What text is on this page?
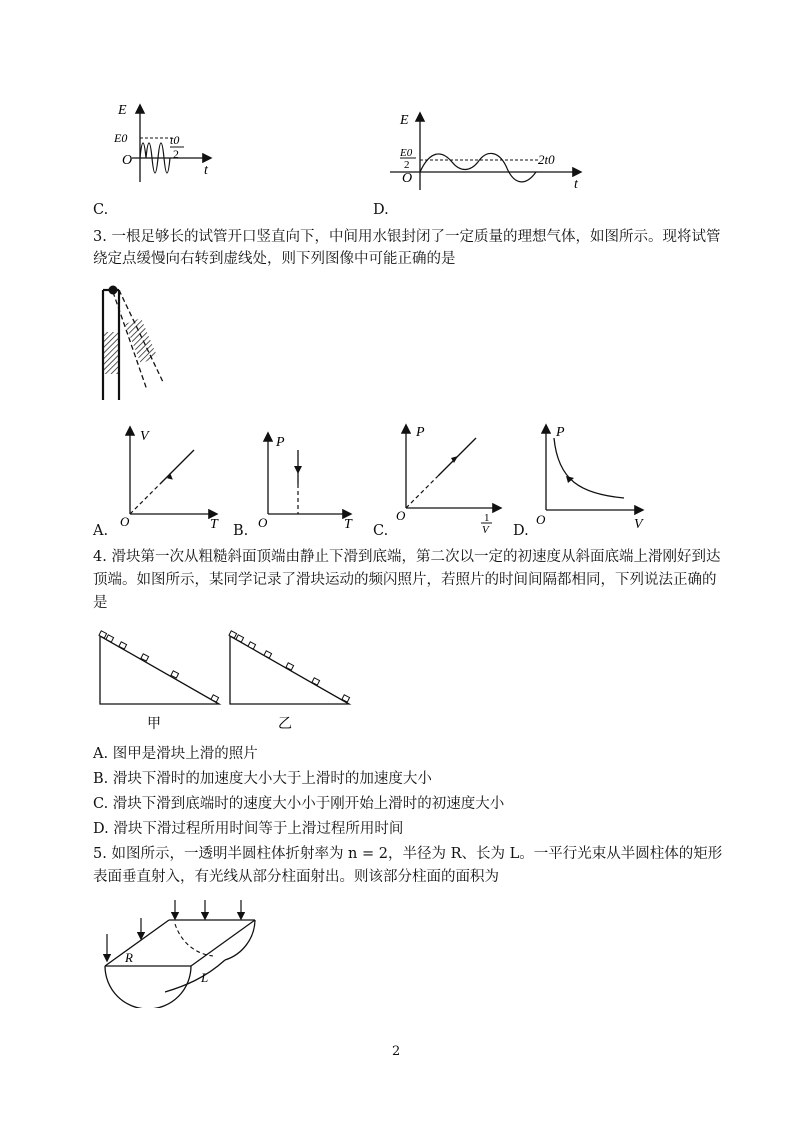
E
E0
O
t0
2
t
C.
E
E0
2
O
2t0
t
D.
3. 一根足够长的试管开口竖直向下，中间用水银封闭了一定质量的理想气体，如图所示。现将试管
绕定点缓慢向右转到虚线处，则下列图像中可能正确的是
V
O	T
A.
P
O	T
B.
P
O	1
V
C.
P
O	V
D.
4. 滑块第一次从粗糙斜面顶端由静止下滑到底端，第二次以一定的初速度从斜面底端上滑刚好到达
顶端。如图所示，某同学记录了滑块运动的频闪照片，若照片的时间间隔都相同，下列说法正确的
是
甲	乙
A. 图甲是滑块上滑的照片
B. 滑块下滑时的加速度大小大于上滑时的加速度大小
C. 滑块下滑到底端时的速度大小小于刚开始上滑时的初速度大小
D. 滑块下滑过程所用时间等于上滑过程所用时间
5. 如图所示，一透明半圆柱体折射率为 n = 2，半径为 R、长为 L。一平行光束从半圆柱体的矩形
表面垂直射入，有光线从部分柱面射出。则该部分柱面的面积为
R
L
2
